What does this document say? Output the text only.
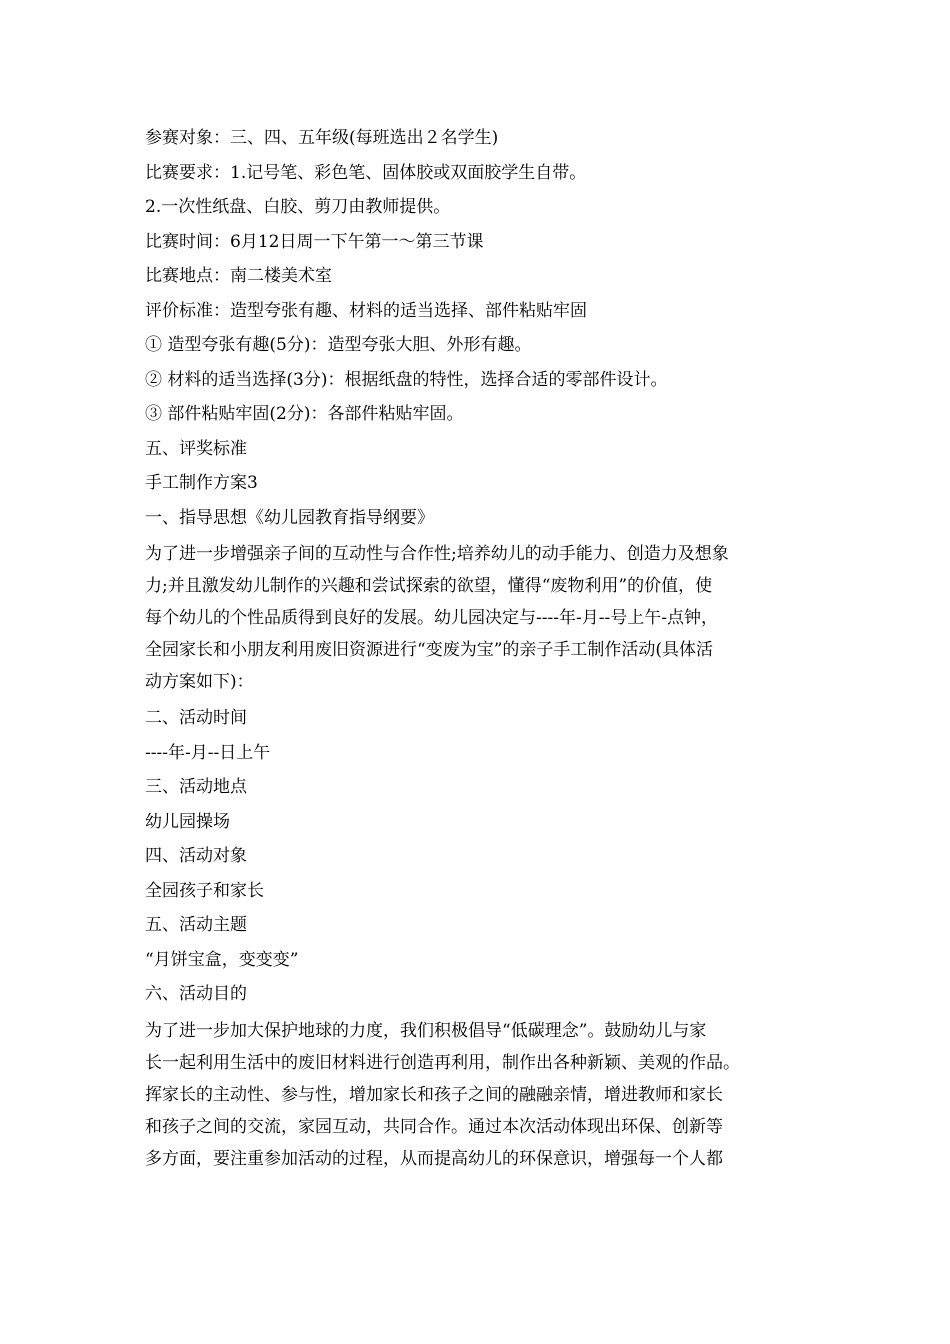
参赛对象：三、四、五年级(每班选出２名学生)
比赛要求：1.记号笔、彩色笔、固体胶或双面胶学生自带。
2.一次性纸盘、白胶、剪刀由教师提供。
比赛时间：6月12日周一下午第一～第三节课
比赛地点：南二楼美术室
评价标准：造型夸张有趣、材料的适当选择、部件粘贴牢固
① 造型夸张有趣(5分)：造型夸张大胆、外形有趣。
② 材料的适当选择(3分)：根据纸盘的特性，选择合适的零部件设计。
③ 部件粘贴牢固(2分)：各部件粘贴牢固。
五、评奖标准
手工制作方案3
一、指导思想《幼儿园教育指导纲要》
为了进一步增强亲子间的互动性与合作性;培养幼儿的动手能力、创造力及想象
力;并且激发幼儿制作的兴趣和尝试探索的欲望，懂得“废物利用”的价值，使
每个幼儿的个性品质得到良好的发展。幼儿园决定与----年-月--号上午-点钟，
全园家长和小朋友利用废旧资源进行“变废为宝”的亲子手工制作活动(具体活
动方案如下)：
二、活动时间
----年-月--日上午
三、活动地点
幼儿园操场
四、活动对象
全园孩子和家长
五、活动主题
“月饼宝盒，变变变”
六、活动目的
为了进一步加大保护地球的力度，我们积极倡导“低碳理念”。鼓励幼儿与家
长一起利用生活中的废旧材料进行创造再利用，制作出各种新颖、美观的作品。
挥家长的主动性、参与性，增加家长和孩子之间的融融亲情，增进教师和家长
和孩子之间的交流，家园互动，共同合作。通过本次活动体现出环保、创新等
多方面，要注重参加活动的过程，从而提高幼儿的环保意识，增强每一个人都
